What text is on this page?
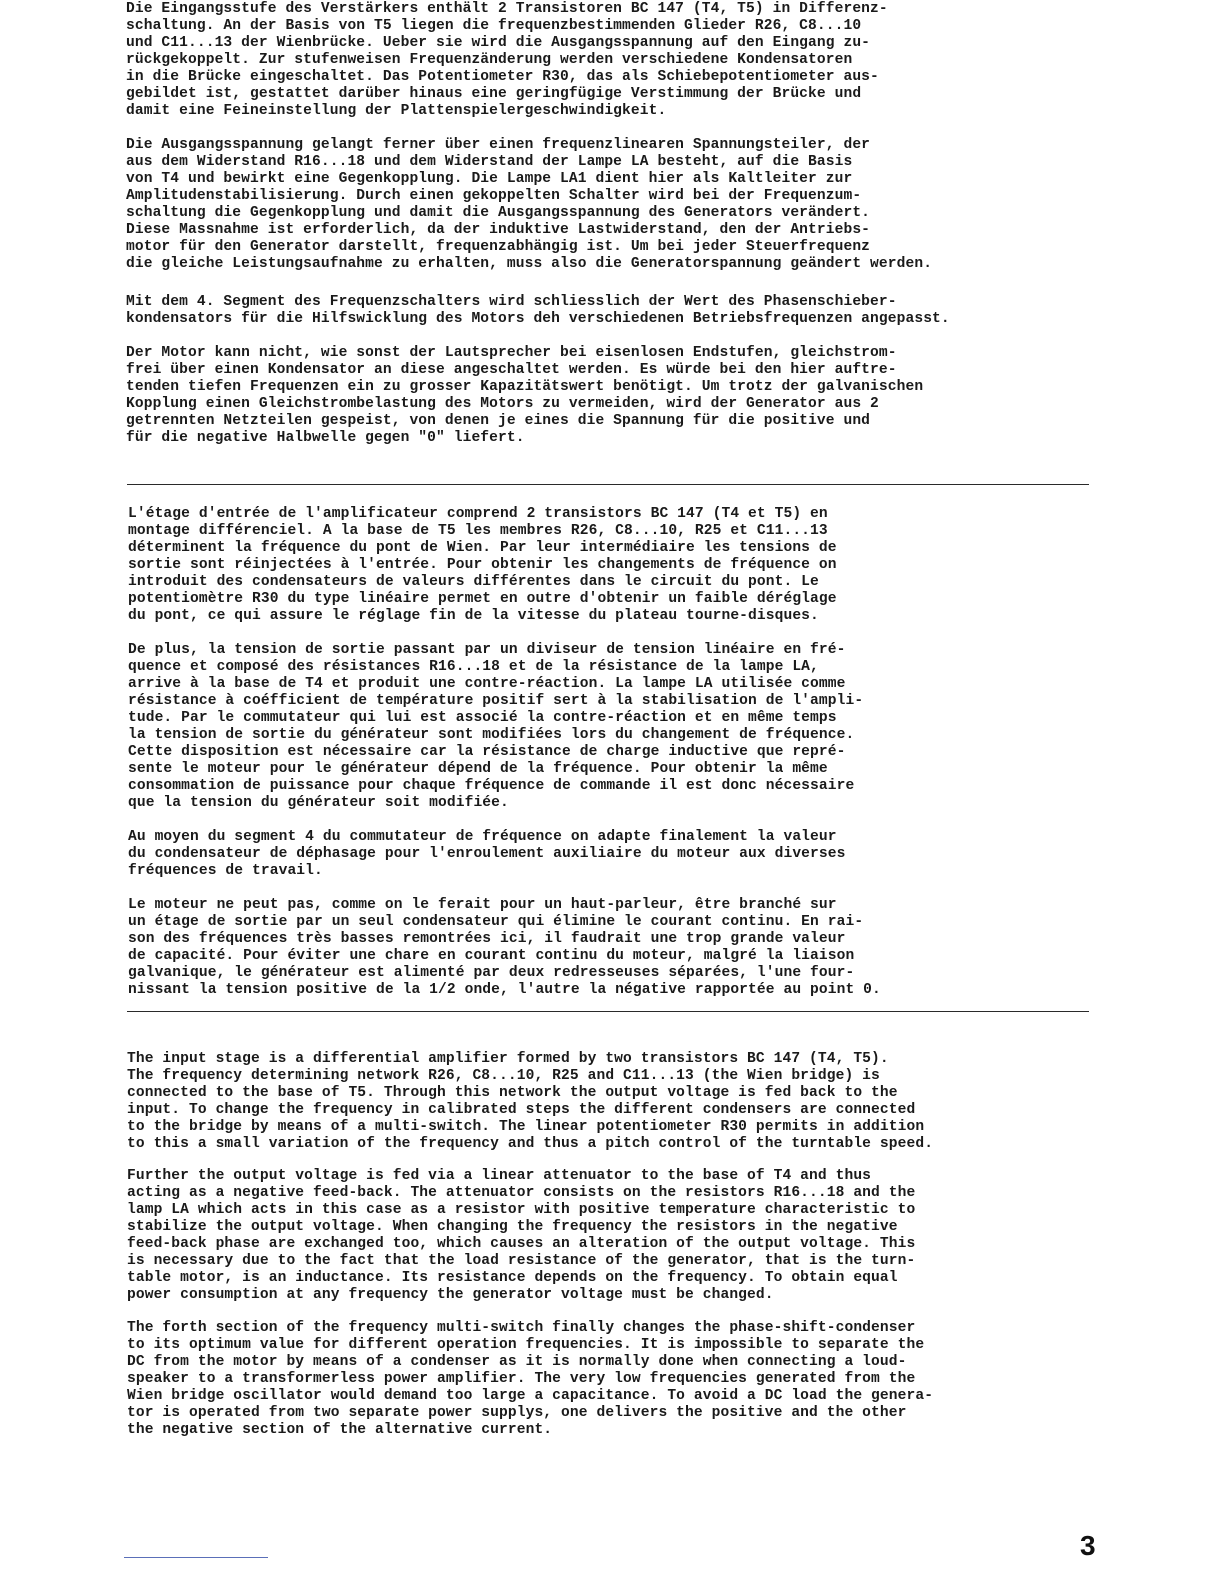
Die Eingangsstufe des Verstärkers enthält 2 Transistoren BC 147 (T4, T5) in Differenz-
schaltung. An der Basis von T5 liegen die frequenzbestimmenden Glieder R26, C8...10
und C11...13 der Wienbrücke. Ueber sie wird die Ausgangsspannung auf den Eingang zu-
rückgekoppelt. Zur stufenweisen Frequenzänderung werden verschiedene Kondensatoren
in die Brücke eingeschaltet. Das Potentiometer R30, das als Schiebepotentiometer aus-
gebildet ist, gestattet darüber hinaus eine geringfügige Verstimmung der Brücke und
damit eine Feineinstellung der Plattenspielergeschwindigkeit.

Die Ausgangsspannung gelangt ferner über einen frequenzlinearen Spannungsteiler, der
aus dem Widerstand R16...18 und dem Widerstand der Lampe LA besteht, auf die Basis
von T4 und bewirkt eine Gegenkopplung. Die Lampe LA1 dient hier als Kaltleiter zur
Amplitudenstabilisierung. Durch einen gekoppelten Schalter wird bei der Frequenzum-
schaltung die Gegenkopplung und damit die Ausgangsspannung des Generators verändert.
Diese Massnahme ist erforderlich, da der induktive Lastwiderstand, den der Antriebs-
motor für den Generator darstellt, frequenzabhängig ist. Um bei jeder Steuerfrequenz
die gleiche Leistungsaufnahme zu erhalten, muss also die Generatorspannung geändert werden.

Mit dem 4. Segment des Frequenzschalters wird schliesslich der Wert des Phasenschieber-
kondensators für die Hilfswicklung des Motors deh verschiedenen Betriebsfrequenzen angepasst.

Der Motor kann nicht, wie sonst der Lautsprecher bei eisenlosen Endstufen, gleichstrom-
frei über einen Kondensator an diese angeschaltet werden. Es würde bei den hier auftre-
tenden tiefen Frequenzen ein zu grosser Kapazitätswert benötigt. Um trotz der galvanischen
Kopplung einen Gleichstrombelastung des Motors zu vermeiden, wird der Generator aus 2
getrennten Netzteilen gespeist, von denen je eines die Spannung für die positive und
für die negative Halbwelle gegen "0" liefert.

L'étage d'entrée de l'amplificateur comprend 2 transistors BC 147 (T4 et T5) en
montage différenciel. A la base de T5 les membres R26, C8...10, R25 et C11...13
déterminent la fréquence du pont de Wien. Par leur intermédiaire les tensions de
sortie sont réinjectées à l'entrée. Pour obtenir les changements de fréquence on
introduit des condensateurs de valeurs différentes dans le circuit du pont. Le
potentiomètre R30 du type linéaire permet en outre d'obtenir un faible déréglage
du pont, ce qui assure le réglage fin de la vitesse du plateau tourne-disques.

De plus, la tension de sortie passant par un diviseur de tension linéaire en fré-
quence et composé des résistances R16...18 et de la résistance de la lampe LA,
arrive à la base de T4 et produit une contre-réaction. La lampe LA utilisée comme
résistance à coéfficient de température positif sert à la stabilisation de l'ampli-
tude. Par le commutateur qui lui est associé la contre-réaction et en même temps
la tension de sortie du générateur sont modifiées lors du changement de fréquence.
Cette disposition est nécessaire car la résistance de charge inductive que repré-
sente le moteur pour le générateur dépend de la fréquence. Pour obtenir la même
consommation de puissance pour chaque fréquence de commande il est donc nécessaire
que la tension du générateur soit modifiée.

Au moyen du segment 4 du commutateur de fréquence on adapte finalement la valeur
du condensateur de déphasage pour l'enroulement auxiliaire du moteur aux diverses
fréquences de travail.

Le moteur ne peut pas, comme on le ferait pour un haut-parleur, être branché sur
un étage de sortie par un seul condensateur qui élimine le courant continu. En rai-
son des fréquences très basses remontrées ici, il faudrait une trop grande valeur
de capacité. Pour éviter une chare en courant continu du moteur, malgré la liaison
galvanique, le générateur est alimenté par deux redresseuses séparées, l'une four-
nissant la tension positive de la 1/2 onde, l'autre la négative rapportée au point 0.

The input stage is a differential amplifier formed by two transistors BC 147 (T4, T5).
The frequency determining network R26, C8...10, R25 and C11...13 (the Wien bridge) is
connected to the base of T5. Through this network the output voltage is fed back to the
input. To change the frequency in calibrated steps the different condensers are connected
to the bridge by means of a multi-switch. The linear potentiometer R30 permits in addition
to this a small variation of the frequency and thus a pitch control of the turntable speed.

Further the output voltage is fed via a linear attenuator to the base of T4 and thus
acting as a negative feed-back. The attenuator consists on the resistors R16...18 and the
lamp LA which acts in this case as a resistor with positive temperature characteristic to
stabilize the output voltage. When changing the frequency the resistors in the negative
feed-back phase are exchanged too, which causes an alteration of the output voltage. This
is necessary due to the fact that the load resistance of the generator, that is the turn-
table motor, is an inductance. Its resistance depends on the frequency. To obtain equal
power consumption at any frequency the generator voltage must be changed.

The forth section of the frequency multi-switch finally changes the phase-shift-condenser
to its optimum value for different operation frequencies. It is impossible to separate the
DC from the motor by means of a condenser as it is normally done when connecting a loud-
speaker to a transformerless power amplifier. The very low frequencies generated from the
Wien bridge oscillator would demand too large a capacitance. To avoid a DC load the genera-
tor is operated from two separate power supplys, one delivers the positive and the other
the negative section of the alternative current.

3
